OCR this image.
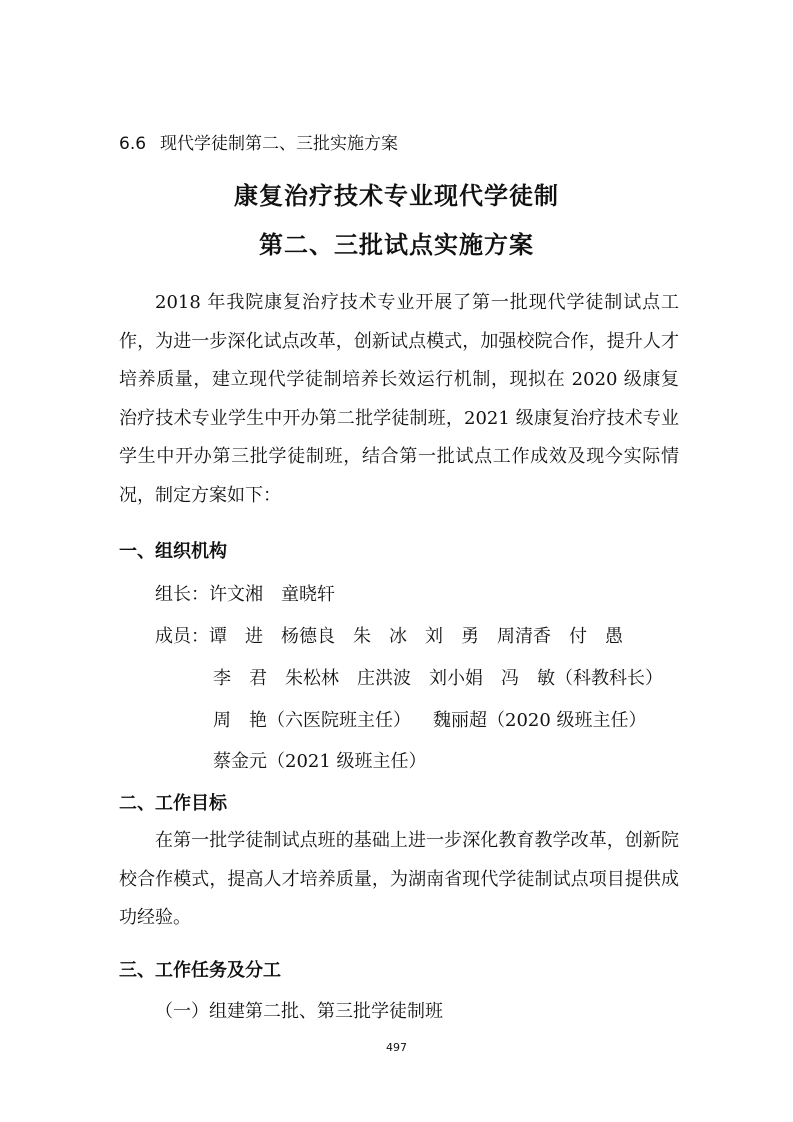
6.6 现代学徒制第二、三批实施方案
康复治疗技术专业现代学徒制
第二、三批试点实施方案
2018 年我院康复治疗技术专业开展了第一批现代学徒制试点工作，为进一步深化试点改革，创新试点模式，加强校院合作，提升人才培养质量，建立现代学徒制培养长效运行机制，现拟在 2020 级康复治疗技术专业学生中开办第二批学徒制班，2021 级康复治疗技术专业学生中开办第三批学徒制班，结合第一批试点工作成效及现今实际情况，制定方案如下：
一、组织机构
组长：许文湘 童晓轩
成员：谭　进 杨德良 朱　冰 刘　勇 周清香 付　愚
李　君 朱松林 庄洪波 刘小娟 冯　敏（科教科长）
周　艳（六医院班主任） 魏丽超（2020 级班主任）
蔡金元（2021 级班主任）
二、工作目标
在第一批学徒制试点班的基础上进一步深化教育教学改革，创新院校合作模式，提高人才培养质量，为湖南省现代学徒制试点项目提供成功经验。
三、工作任务及分工
（一）组建第二批、第三批学徒制班
497
